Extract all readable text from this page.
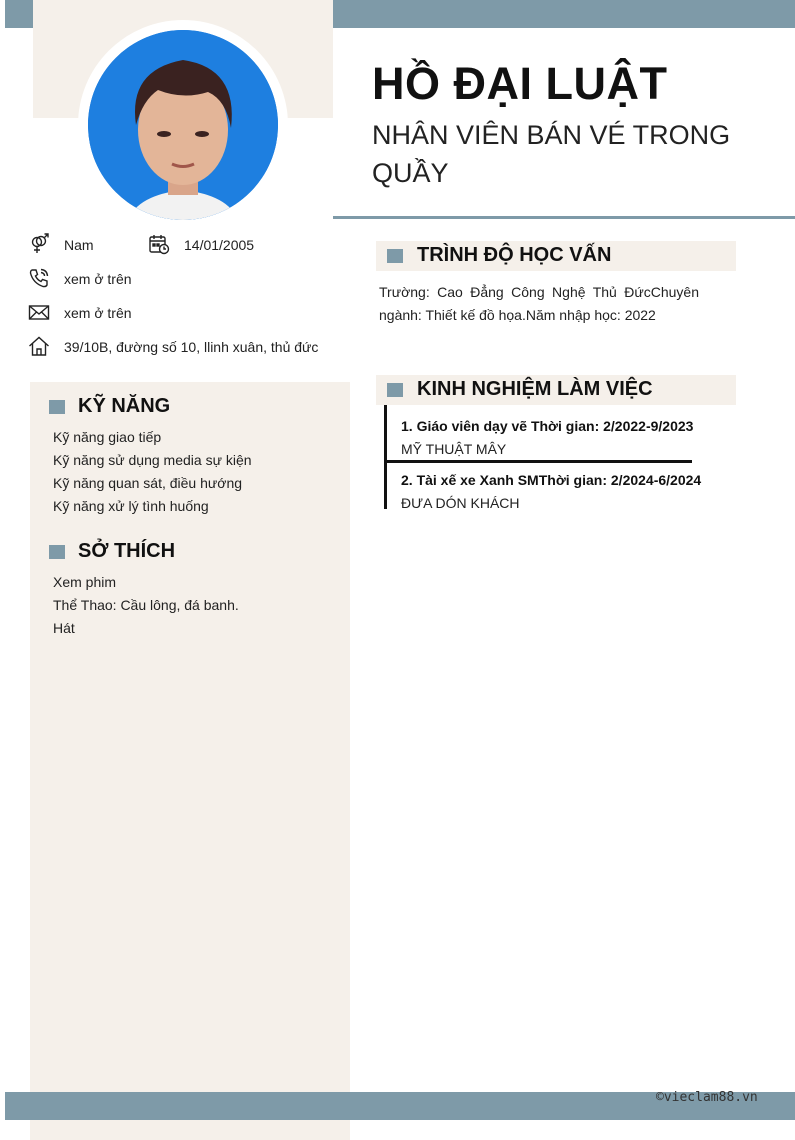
HỒ ĐẠI LUẬT
NHÂN VIÊN BÁN VÉ TRONG QUẦY
Nam	14/01/2005
xem ở trên
xem ở trên
39/10B, đường số 10, llinh xuân, thủ đức
KỸ NĂNG
Kỹ năng giao tiếp
Kỹ năng sử dụng media sự kiện
Kỹ năng quan sát, điều hướng
Kỹ năng xử lý tình huống
SỞ THÍCH
Xem phim
Thể Thao: Cầu lông, đá banh.
Hát
TRÌNH ĐỘ HỌC VẤN
Trường: Cao Đẳng Công Nghệ Thủ ĐứcChuyên ngành: Thiết kế đồ họa.Năm nhập học: 2022
KINH NGHIỆM LÀM VIỆC
1. Giáo viên dạy vẽ Thời gian: 2/2022-9/2023
MỸ THUẬT MÂY
2. Tài xế xe Xanh SMThời gian: 2/2024-6/2024
ĐƯA DÓN KHÁCH
©vieclam88.vn
